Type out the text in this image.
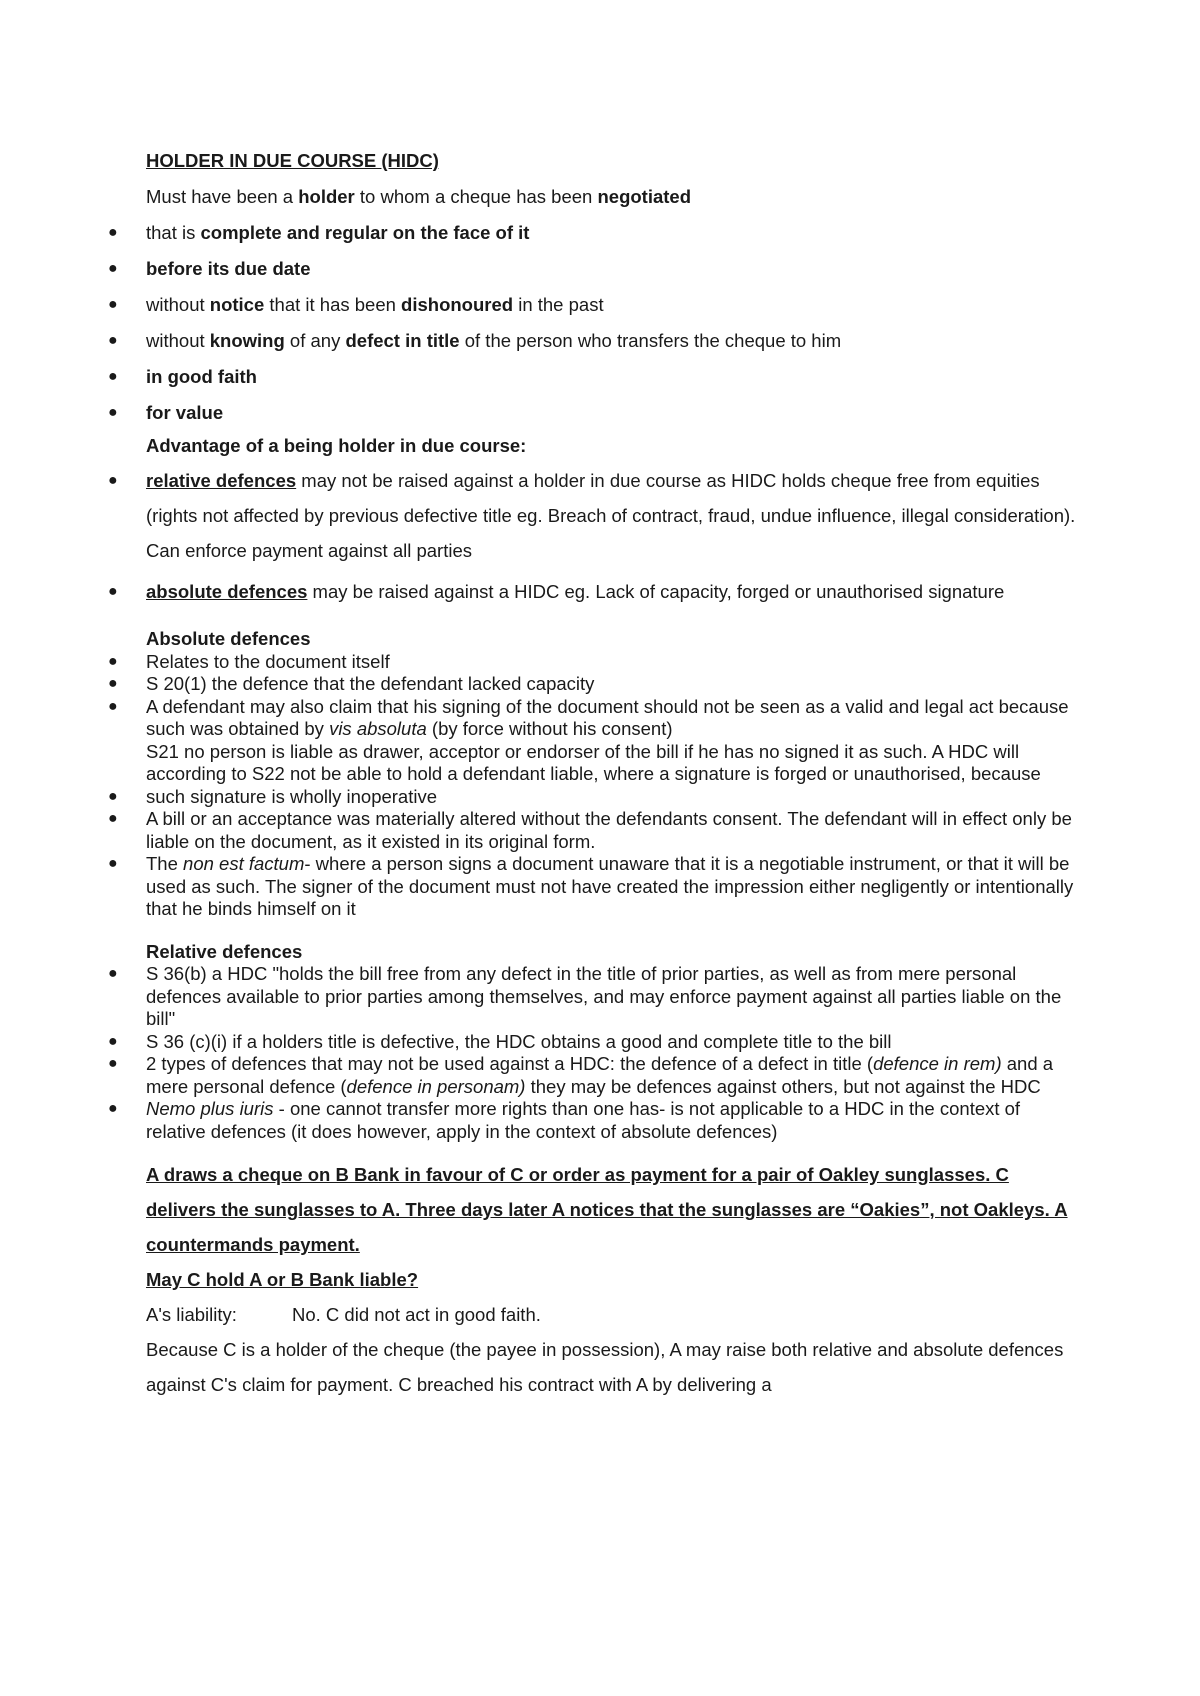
HOLDER IN DUE COURSE (HIDC)

Must have been a holder to whom a cheque has been negotiated

● that is complete and regular on the face of it

● before its due date

● without notice that it has been dishonoured in the past

● without knowing of any defect in title of the person who transfers the cheque to him

● in good faith

● for value

Advantage of a being holder in due course:

● relative defences may not be raised against a holder in due course as HIDC holds cheque free from equities (rights not affected by previous defective title eg. Breach of contract, fraud, undue influence, illegal consideration). Can enforce payment against all parties

● absolute defences may be raised against a HIDC eg. Lack of capacity, forged or unauthorised signature

Absolute defences

● Relates to the document itself

● S 20(1) the defence that the defendant lacked capacity

● A defendant may also claim that his signing of the document should not be seen as a valid and legal act because such was obtained by vis absoluta (by force without his consent)

S21 no person is liable as drawer, acceptor or endorser of the bill if he has no signed it as such. A HDC will according to S22 not be able to hold a defendant liable, where a signature is forged or unauthorised, because

● such signature is wholly inoperative

● A bill or an acceptance was materially altered without the defendants consent. The defendant will in effect only be liable on the document, as it existed in its original form.

● The non est factum- where a person signs a document unaware that it is a negotiable instrument, or that it will be used as such. The signer of the document must not have created the impression either negligently or intentionally that he binds himself on it

Relative defences

● S 36(b) a HDC "holds the bill free from any defect in the title of prior parties, as well as from mere personal defences available to prior parties among themselves, and may enforce payment against all parties liable on the bill"

● S 36 (c)(i) if a holders title is defective, the HDC obtains a good and complete title to the bill

● 2 types of defences that may not be used against a HDC: the defence of a defect in title (defence in rem) and a mere personal defence (defence in personam) they may be defences against others, but not against the HDC

● Nemo plus iuris - one cannot transfer more rights than one has- is not applicable to a HDC in the context of relative defences (it does however, apply in the context of absolute defences)

A draws a cheque on B Bank in favour of C or order as payment for a pair of Oakley sunglasses. C delivers the sunglasses to A. Three days later A notices that the sunglasses are “Oakies”, not Oakleys. A countermands payment.

May C hold A or B Bank liable?

A's liability:	No. C did not act in good faith.

Because C is a holder of the cheque (the payee in possession), A may raise both relative and absolute defences against C's claim for payment. C breached his contract with A by delivering a
